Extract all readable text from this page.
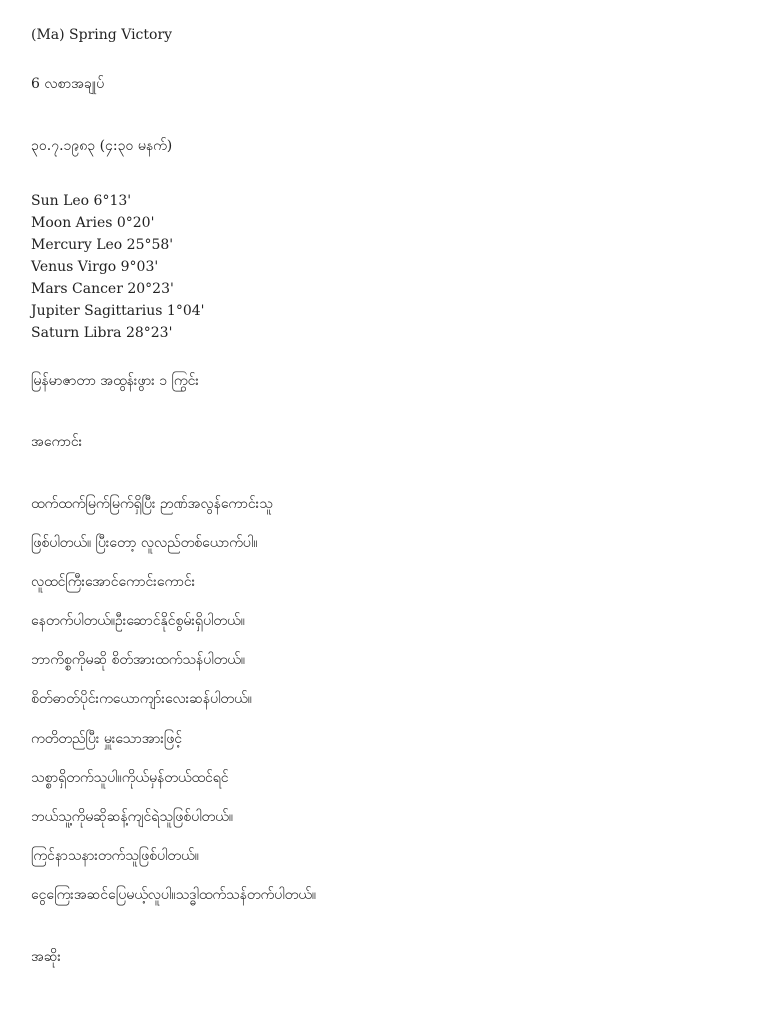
(Ma) Spring Victory
6 လစာအချုပ်
၃၀.၇.၁၉၈၃ (၄:၃၀ မနက်)
Sun Leo 6°13'
Moon Aries 0°20'
Mercury Leo 25°58'
Venus Virgo 9°03'
Mars Cancer 20°23'
Jupiter Sagittarius 1°04'
Saturn Libra 28°23'
မြန်မာဇာတာ အထွန်းဖွား ၁ ကြွင်း
အကောင်း
ထက်ထက်မြက်မြက်ရှိပြီး ဉာဏ်အလွန်ကောင်းသူ
ဖြစ်ပါတယ်။ ပြီးတော့ လူလည်တစ်ယောက်ပါ။
လူထင်ကြီးအောင်ကောင်းကောင်း
နေတက်ပါတယ်။ဦးဆောင်နိုင်စွမ်းရှိပါတယ်။
ဘာကိစ္စကိုမဆို စိတ်အားထက်သန်ပါတယ်။
စိတ်ဓာတ်ပိုင်းကယောကျာ်းလေးဆန်ပါတယ်။
ကတိတည်ပြီး မှူးသောအားဖြင့်
သစ္စာရှိတက်သူပါ။ကိုယ်မှန်တယ်ထင်ရင်
ဘယ်သူ့ကိုမဆိုဆန့်ကျင်ရဲသူဖြစ်ပါတယ်။
ကြင်နာသနားတက်သူဖြစ်ပါတယ်။
ငွေကြေးအဆင်ပြေမယ့်လူပါ။သဒ္ဓါထက်သန်တက်ပါတယ်။
အဆိုး
